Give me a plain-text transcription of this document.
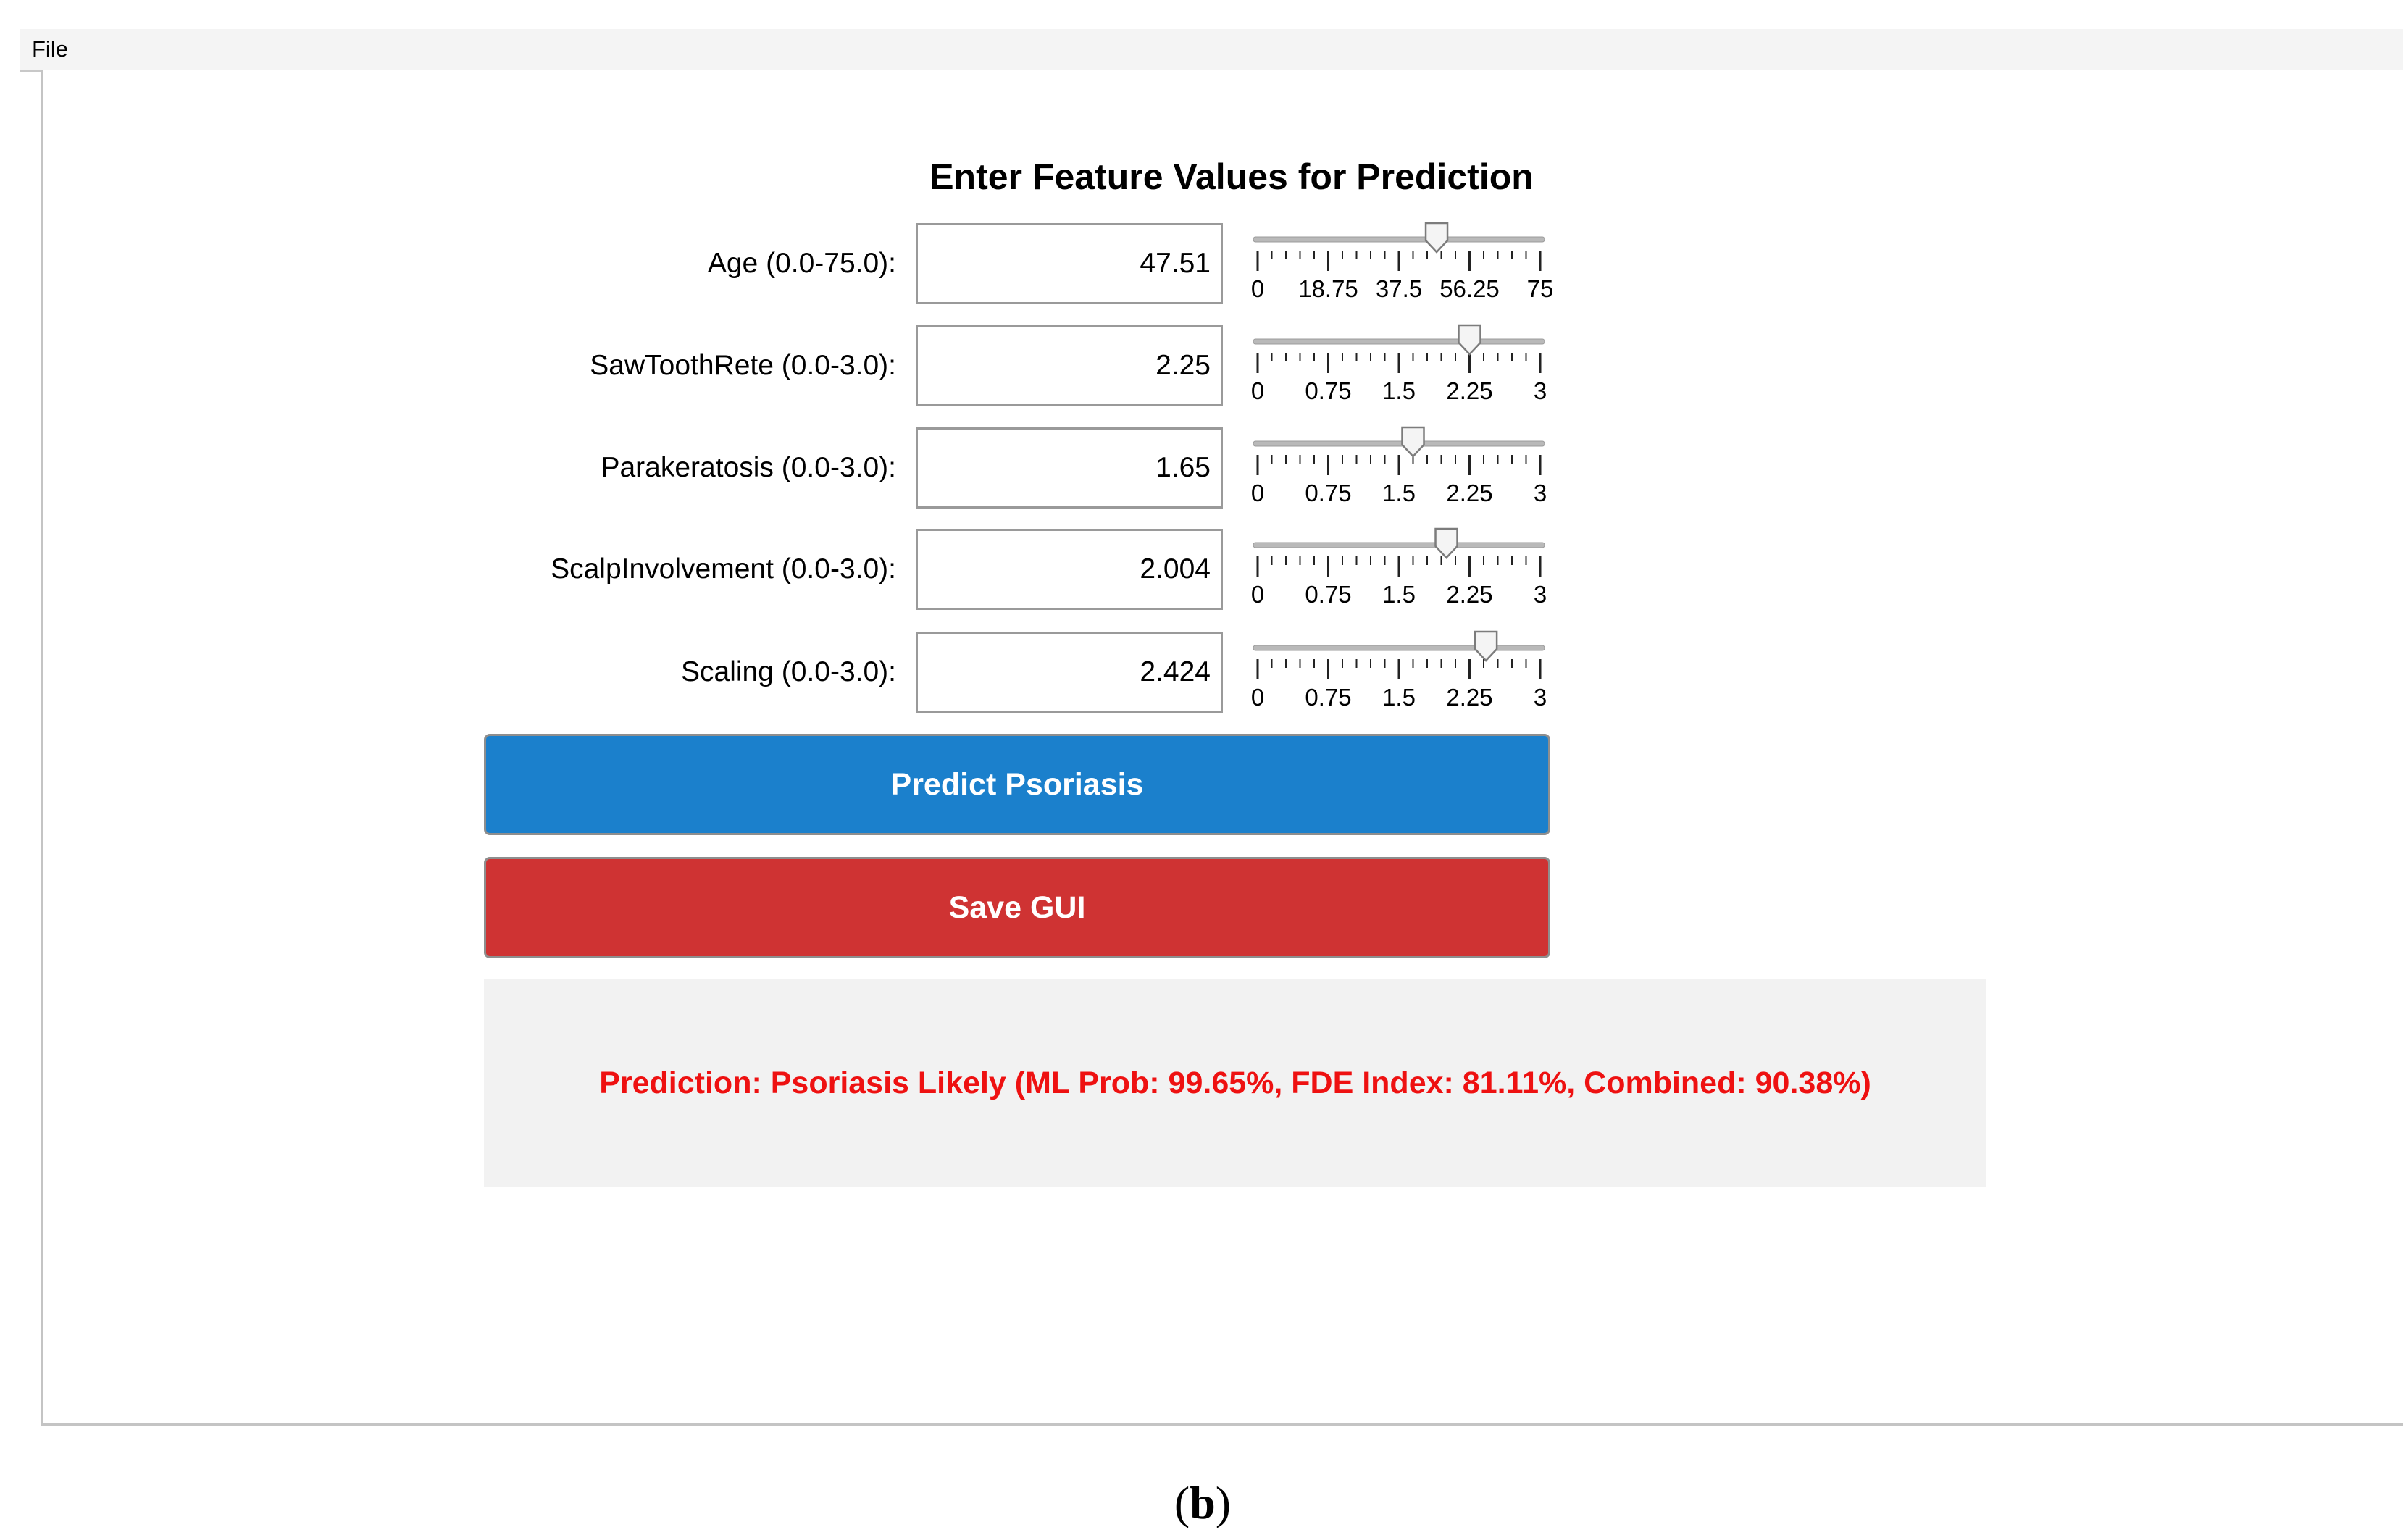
File
Enter Feature Values for Prediction
Age (0.0-75.0):
47.51
0 18.75 37.5 56.25 75
SawToothRete (0.0-3.0):
2.25
0 0.75 1.5 2.25 3
Parakeratosis (0.0-3.0):
1.65
0 0.75 1.5 2.25 3
ScalpInvolvement (0.0-3.0):
2.004
0 0.75 1.5 2.25 3
Scaling (0.0-3.0):
2.424
0 0.75 1.5 2.25 3
Predict Psoriasis
Save GUI
Prediction: Psoriasis Likely (ML Prob: 99.65%, FDE Index: 81.11%, Combined: 90.38%)
(b)
